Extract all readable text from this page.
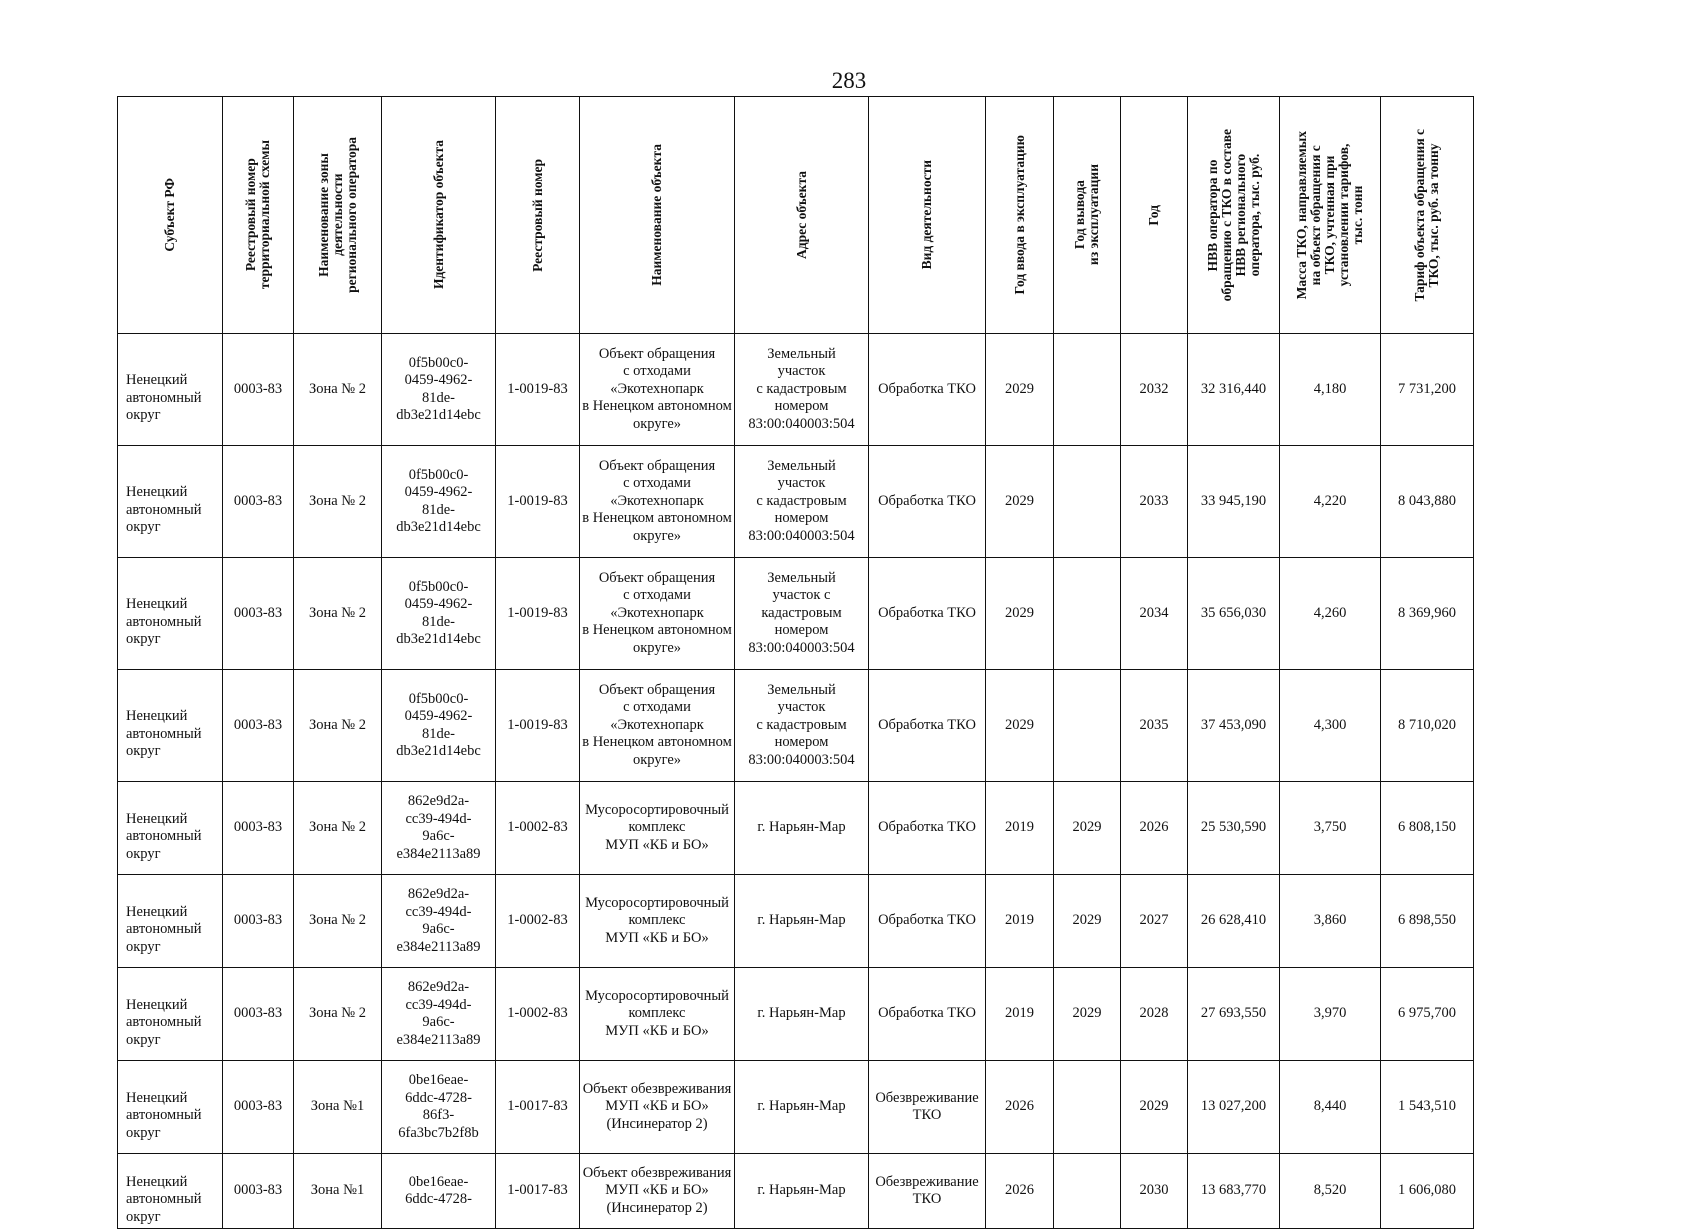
283
Субъект РФ	Реестровый номер
территориальной схемы	Наименование зоны
деятельности
регионального оператора	Идентификатор объекта	Реестровый номер	Наименование объекта	Адрес объекта	Вид деятельности	Год ввода в эксплуатацию	Год вывода
из эксплуатации	Год	НВВ оператора по
обращению с ТКО в составе
НВВ регионального
оператора, тыс. руб.	Масса ТКО, направляемых
на объект обращения с
ТКО, учтенная при
установлении тарифов,
тыс. тонн	Тариф объекта обращения с
ТКО, тыс. руб. за тонну

Ненецкий
автономный
округ	0003-83	Зона № 2	0f5b00c0-
0459-4962-
81de-
db3e21d14ebc	1-0019-83	Объект обращения
с отходами
«Экотехнопарк
в Ненецком автономном
округе»	Земельный
участок
с кадастровым
номером
83:00:040003:504	Обработка ТКО	2029		2032	32 316,440	4,180	7 731,200
Ненецкий
автономный
округ	0003-83	Зона № 2	0f5b00c0-
0459-4962-
81de-
db3e21d14ebc	1-0019-83	Объект обращения
с отходами
«Экотехнопарк
в Ненецком автономном
округе»	Земельный
участок
с кадастровым
номером
83:00:040003:504	Обработка ТКО	2029		2033	33 945,190	4,220	8 043,880
Ненецкий
автономный
округ	0003-83	Зона № 2	0f5b00c0-
0459-4962-
81de-
db3e21d14ebc	1-0019-83	Объект обращения
с отходами
«Экотехнопарк
в Ненецком автономном
округе»	Земельный
участок с
кадастровым
номером
83:00:040003:504	Обработка ТКО	2029		2034	35 656,030	4,260	8 369,960
Ненецкий
автономный
округ	0003-83	Зона № 2	0f5b00c0-
0459-4962-
81de-
db3e21d14ebc	1-0019-83	Объект обращения
с отходами
«Экотехнопарк
в Ненецком автономном
округе»	Земельный
участок
с кадастровым
номером
83:00:040003:504	Обработка ТКО	2029		2035	37 453,090	4,300	8 710,020
Ненецкий
автономный
округ	0003-83	Зона № 2	862e9d2a-
cc39-494d-
9a6c-
e384e2113a89	1-0002-83	Мусоросортировочный
комплекс
МУП «КБ и БО»	г. Нарьян-Мар	Обработка ТКО	2019	2029	2026	25 530,590	3,750	6 808,150
Ненецкий
автономный
округ	0003-83	Зона № 2	862e9d2a-
cc39-494d-
9a6c-
e384e2113a89	1-0002-83	Мусоросортировочный
комплекс
МУП «КБ и БО»	г. Нарьян-Мар	Обработка ТКО	2019	2029	2027	26 628,410	3,860	6 898,550
Ненецкий
автономный
округ	0003-83	Зона № 2	862e9d2a-
cc39-494d-
9a6c-
e384e2113a89	1-0002-83	Мусоросортировочный
комплекс
МУП «КБ и БО»	г. Нарьян-Мар	Обработка ТКО	2019	2029	2028	27 693,550	3,970	6 975,700
Ненецкий
автономный
округ	0003-83	Зона №1	0be16eae-
6ddc-4728-
86f3-
6fa3bc7b2f8b	1-0017-83	Объект обезвреживания
МУП «КБ и БО»
(Инсинератор 2)	г. Нарьян-Мар	Обезвреживание
ТКО	2026		2029	13 027,200	8,440	1 543,510
Ненецкий
автономный
округ	0003-83	Зона №1	0be16eae-
6ddc-4728-	1-0017-83	Объект обезвреживания
МУП «КБ и БО»
(Инсинератор 2)	г. Нарьян-Мар	Обезвреживание
ТКО	2026		2030	13 683,770	8,520	1 606,080
